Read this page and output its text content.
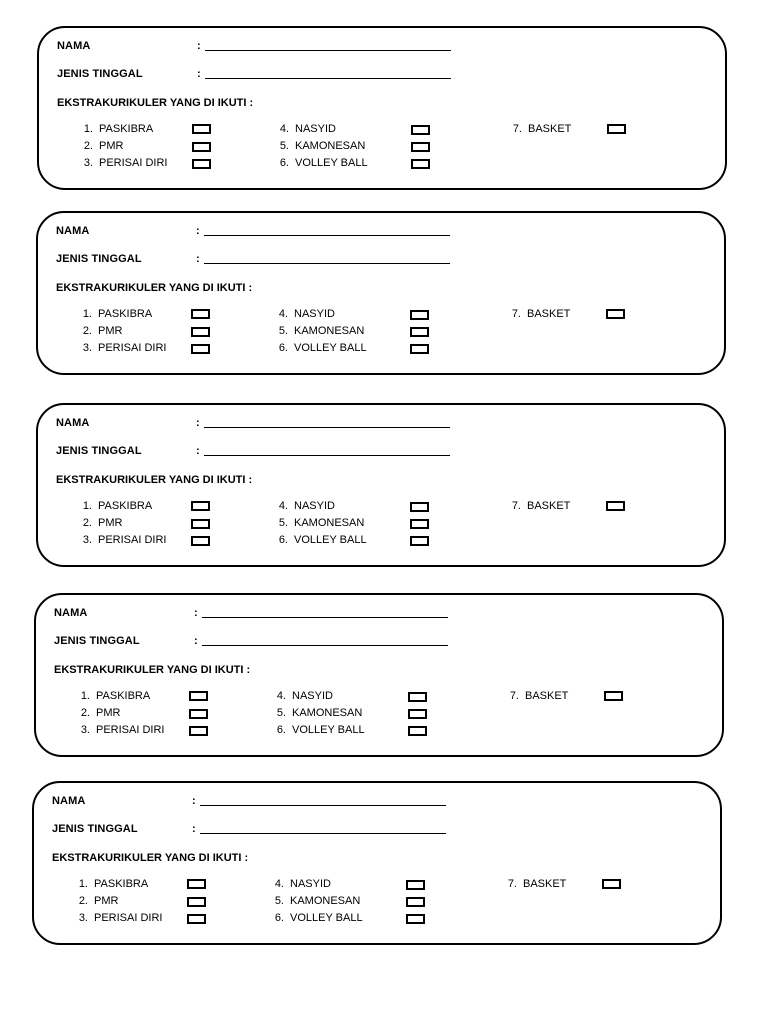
NAMA	:
JENIS TINGGAL	:
EKSTRAKURIKULER YANG DI IKUTI :
1. PASKIBRA
2. PMR
3. PERISAI DIRI
4. NASYID
5. KAMONESAN
6. VOLLEY BALL
7. BASKET
NAMA	:
JENIS TINGGAL	:
EKSTRAKURIKULER YANG DI IKUTI :
1. PASKIBRA
2. PMR
3. PERISAI DIRI
4. NASYID
5. KAMONESAN
6. VOLLEY BALL
7. BASKET
NAMA	:
JENIS TINGGAL	:
EKSTRAKURIKULER YANG DI IKUTI :
1. PASKIBRA
2. PMR
3. PERISAI DIRI
4. NASYID
5. KAMONESAN
6. VOLLEY BALL
7. BASKET
NAMA	:
JENIS TINGGAL	:
EKSTRAKURIKULER YANG DI IKUTI :
1. PASKIBRA
2. PMR
3. PERISAI DIRI
4. NASYID
5. KAMONESAN
6. VOLLEY BALL
7. BASKET
NAMA	:
JENIS TINGGAL	:
EKSTRAKURIKULER YANG DI IKUTI :
1. PASKIBRA
2. PMR
3. PERISAI DIRI
4. NASYID
5. KAMONESAN
6. VOLLEY BALL
7. BASKET
